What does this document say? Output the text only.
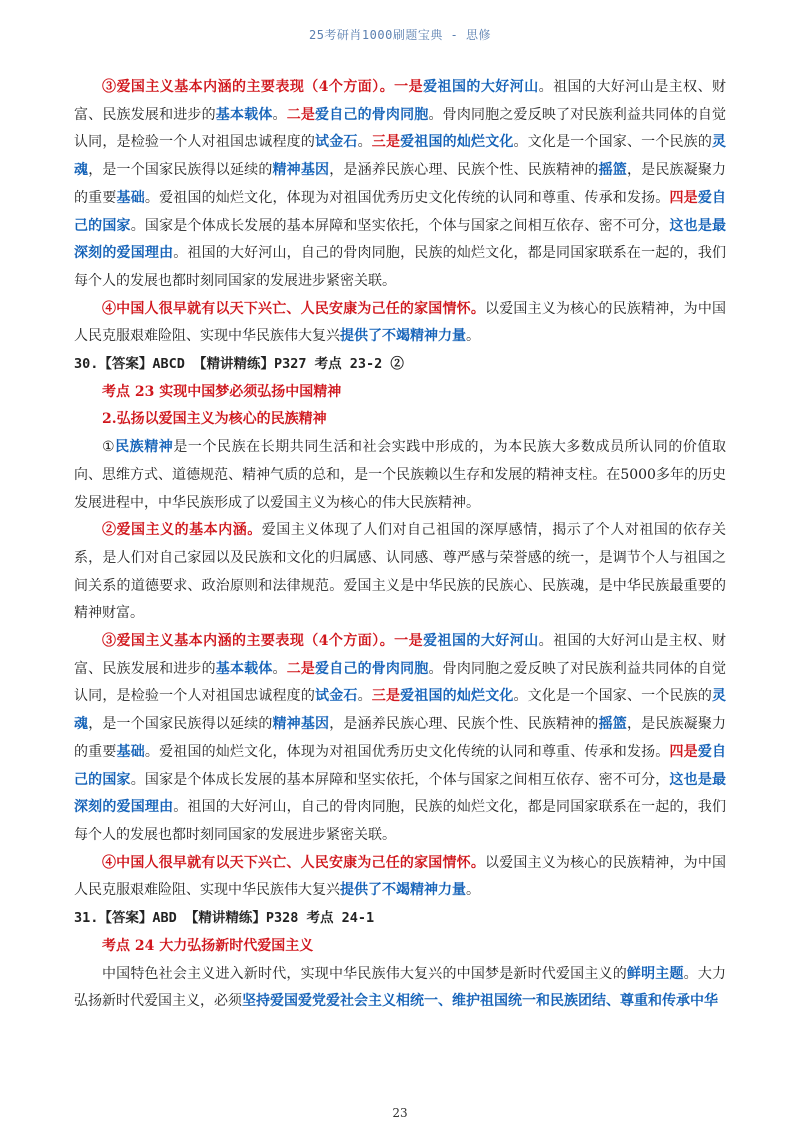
25考研肖1000刷题宝典 - 思修

③爱国主义基本内涵的主要表现（4个方面）。一是爱祖国的大好河山。祖国的大好河山是主权、财富、民族发展和进步的基本载体。二是爱自己的骨肉同胞。骨肉同胞之爱反映了对民族利益共同体的自觉认同，是检验一个人对祖国忠诚程度的试金石。三是爱祖国的灿烂文化。文化是一个国家、一个民族的灵魂，是一个国家民族得以延续的精神基因，是涵养民族心理、民族个性、民族精神的摇篮，是民族凝聚力的重要基础。爱祖国的灿烂文化，体现为对祖国优秀历史文化传统的认同和尊重、传承和发扬。四是爱自己的国家。国家是个体成长发展的基本屏障和坚实依托，个体与国家之间相互依存、密不可分，这也是最深刻的爱国理由。祖国的大好河山，自己的骨肉同胞，民族的灿烂文化，都是同国家联系在一起的，我们每个人的发展也都时刻同国家的发展进步紧密关联。

④中国人很早就有以天下兴亡、人民安康为己任的家国情怀。以爱国主义为核心的民族精神，为中国人民克服艰难险阻、实现中华民族伟大复兴提供了不竭精神力量。

30.【答案】ABCD 【精讲精练】P327 考点 23-2 ②

考点 23 实现中国梦必须弘扬中国精神

2.弘扬以爱国主义为核心的民族精神

①民族精神是一个民族在长期共同生活和社会实践中形成的，为本民族大多数成员所认同的价值取向、思维方式、道德规范、精神气质的总和，是一个民族赖以生存和发展的精神支柱。在5000多年的历史发展进程中，中华民族形成了以爱国主义为核心的伟大民族精神。

②爱国主义的基本内涵。爱国主义体现了人们对自己祖国的深厚感情，揭示了个人对祖国的依存关系，是人们对自己家园以及民族和文化的归属感、认同感、尊严感与荣誉感的统一，是调节个人与祖国之间关系的道德要求、政治原则和法律规范。爱国主义是中华民族的民族心、民族魂，是中华民族最重要的精神财富。

③爱国主义基本内涵的主要表现（4个方面）。一是爱祖国的大好河山。祖国的大好河山是主权、财富、民族发展和进步的基本载体。二是爱自己的骨肉同胞。骨肉同胞之爱反映了对民族利益共同体的自觉认同，是检验一个人对祖国忠诚程度的试金石。三是爱祖国的灿烂文化。文化是一个国家、一个民族的灵魂，是一个国家民族得以延续的精神基因，是涵养民族心理、民族个性、民族精神的摇篮，是民族凝聚力的重要基础。爱祖国的灿烂文化，体现为对祖国优秀历史文化传统的认同和尊重、传承和发扬。四是爱自己的国家。国家是个体成长发展的基本屏障和坚实依托，个体与国家之间相互依存、密不可分，这也是最深刻的爱国理由。祖国的大好河山，自己的骨肉同胞，民族的灿烂文化，都是同国家联系在一起的，我们每个人的发展也都时刻同国家的发展进步紧密关联。

④中国人很早就有以天下兴亡、人民安康为己任的家国情怀。以爱国主义为核心的民族精神，为中国人民克服艰难险阻、实现中华民族伟大复兴提供了不竭精神力量。

31.【答案】ABD 【精讲精练】P328 考点 24-1

考点 24 大力弘扬新时代爱国主义

中国特色社会主义进入新时代，实现中华民族伟大复兴的中国梦是新时代爱国主义的鲜明主题。大力弘扬新时代爱国主义，必须坚持爱国爱党爱社会主义相统一、维护祖国统一和民族团结、尊重和传承中华

23
